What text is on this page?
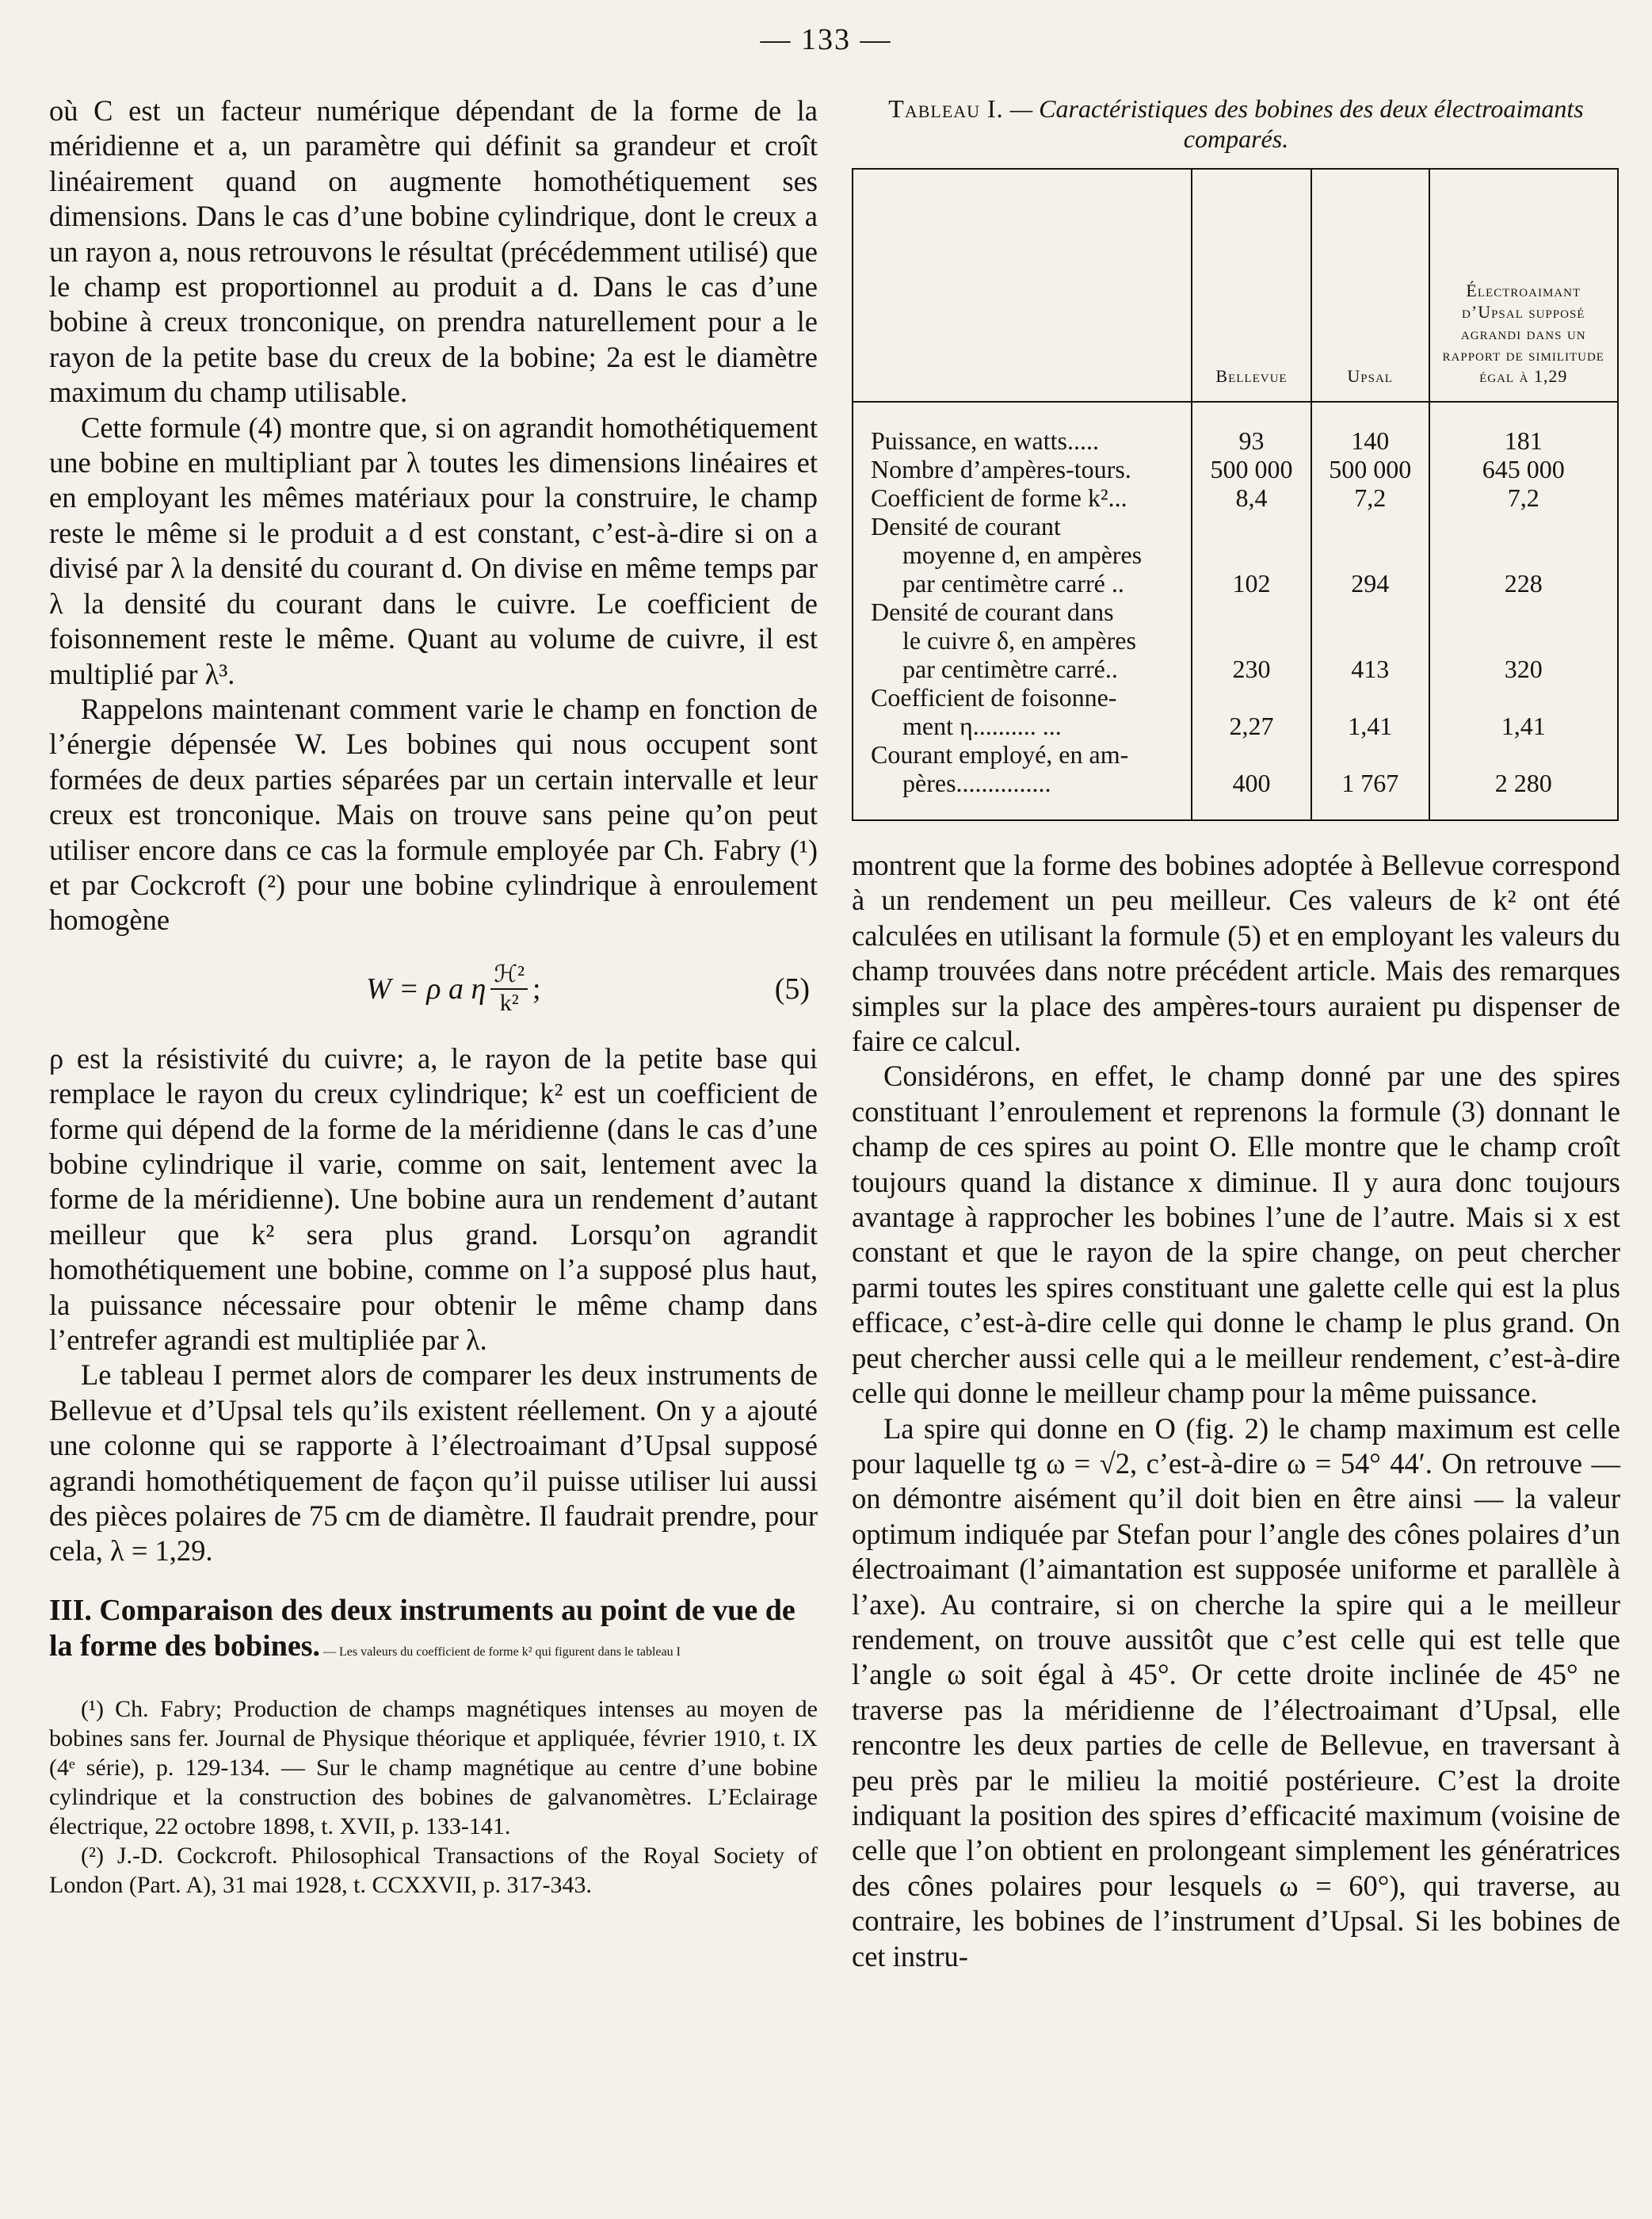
— 133 —

où C est un facteur numérique dépendant de la forme de la méridienne et a, un paramètre qui définit sa grandeur et croît linéairement quand on augmente homothétiquement ses dimensions. Dans le cas d’une bobine cylindrique, dont le creux a un rayon a, nous retrouvons le résultat (précédemment utilisé) que le champ est proportionnel au produit a d. Dans le cas d’une bobine à creux tronconique, on prendra naturellement pour a le rayon de la petite base du creux de la bobine; 2a est le diamètre maximum du champ utilisable.

Cette formule (4) montre que, si on agrandit homothétiquement une bobine en multipliant par λ toutes les dimensions linéaires et en employant les mêmes matériaux pour la construire, le champ reste le même si le produit a d est constant, c’est-à-dire si on a divisé par λ la densité du courant d. On divise en même temps par λ la densité du courant dans le cuivre. Le coefficient de foisonnement reste le même. Quant au volume de cuivre, il est multiplié par λ³.

Rappelons maintenant comment varie le champ en fonction de l’énergie dépensée W. Les bobines qui nous occupent sont formées de deux parties séparées par un certain intervalle et leur creux est tronconique. Mais on trouve sans peine qu’on peut utiliser encore dans ce cas la formule employée par Ch. Fabry (¹) et par Cockcroft (²) pour une bobine cylindrique à enroulement homogène

W = ρ a η $\frac{\text{ℋ²}}{\text{k²}}$ ;	(5)

ρ est la résistivité du cuivre; a, le rayon de la petite base qui remplace le rayon du creux cylindrique; k² est un coefficient de forme qui dépend de la forme de la méridienne (dans le cas d’une bobine cylindrique il varie, comme on sait, lentement avec la forme de la méridienne). Une bobine aura un rendement d’autant meilleur que k² sera plus grand. Lorsqu’on agrandit homothétiquement une bobine, comme on l’a supposé plus haut, la puissance nécessaire pour obtenir le même champ dans l’entrefer agrandi est multipliée par λ.

Le tableau I permet alors de comparer les deux instruments de Bellevue et d’Upsal tels qu’ils existent réellement. On y a ajouté une colonne qui se rapporte à l’électroaimant d’Upsal supposé agrandi homothétiquement de façon qu’il puisse utiliser lui aussi des pièces polaires de 75 cm de diamètre. Il faudrait prendre, pour cela, λ = 1,29.

III. Comparaison des deux instruments au point de vue de la forme des bobines. — Les valeurs du coefficient de forme k² qui figurent dans le tableau I

(¹) Ch. Fabry; Production de champs magnétiques intenses au moyen de bobines sans fer. Journal de Physique théorique et appliquée, février 1910, t. IX (4ᵉ série), p. 129-134. — Sur le champ magnétique au centre d’une bobine cylindrique et la construction des bobines de galvanomètres. L’Eclairage électrique, 22 octobre 1898, t. XVII, p. 133-141.

(²) J.-D. Cockcroft. Philosophical Transactions of the Royal Society of London (Part. A), 31 mai 1928, t. CCXXVII, p. 317-343.

Tableau I. — Caractéristiques des bobines des deux électroaimants comparés.
	Bellevue	Upsal	Électroaimant d’Upsal supposé agrandi dans un rapport de similitude égal à 1,29

Puissance, en watts.....	93	140	181

Nombre d’ampères-tours.	500 000	500 000	645 000

Coefficient de forme k²...	8,4	7,2	7,2

Densité de courant
moyenne d, en ampères
par centimètre carré ..	102	294	228

Densité de courant dans
le cuivre δ, en ampères
par centimètre carré..	230	413	320

Coefficient de foisonne-
ment η.......... ...	2,27	1,41	1,41

Courant employé, en am-
pères...............	400	1 767	2 280

montrent que la forme des bobines adoptée à Bellevue correspond à un rendement un peu meilleur. Ces valeurs de k² ont été calculées en utilisant la formule (5) et en employant les valeurs du champ trouvées dans notre précédent article. Mais des remarques simples sur la place des ampères-tours auraient pu dispenser de faire ce calcul.

Considérons, en effet, le champ donné par une des spires constituant l’enroulement et reprenons la formule (3) donnant le champ de ces spires au point O. Elle montre que le champ croît toujours quand la distance x diminue. Il y aura donc toujours avantage à rapprocher les bobines l’une de l’autre. Mais si x est constant et que le rayon de la spire change, on peut chercher parmi toutes les spires constituant une galette celle qui est la plus efficace, c’est-à-dire celle qui donne le champ le plus grand. On peut chercher aussi celle qui a le meilleur rendement, c’est-à-dire celle qui donne le meilleur champ pour la même puissance.

La spire qui donne en O (fig. 2) le champ maximum est celle pour laquelle tg ω = √2, c’est-à-dire ω = 54° 44′. On retrouve — on démontre aisément qu’il doit bien en être ainsi — la valeur optimum indiquée par Stefan pour l’angle des cônes polaires d’un électroaimant (l’aimantation est supposée uniforme et parallèle à l’axe). Au contraire, si on cherche la spire qui a le meilleur rendement, on trouve aussitôt que c’est celle qui est telle que l’angle ω soit égal à 45°. Or cette droite inclinée de 45° ne traverse pas la méridienne de l’électroaimant d’Upsal, elle rencontre les deux parties de celle de Bellevue, en traversant à peu près par le milieu la moitié postérieure. C’est la droite indiquant la position des spires d’efficacité maximum (voisine de celle que l’on obtient en prolongeant simplement les génératrices des cônes polaires pour lesquels ω = 60°), qui traverse, au contraire, les bobines de l’instrument d’Upsal. Si les bobines de cet instru-
